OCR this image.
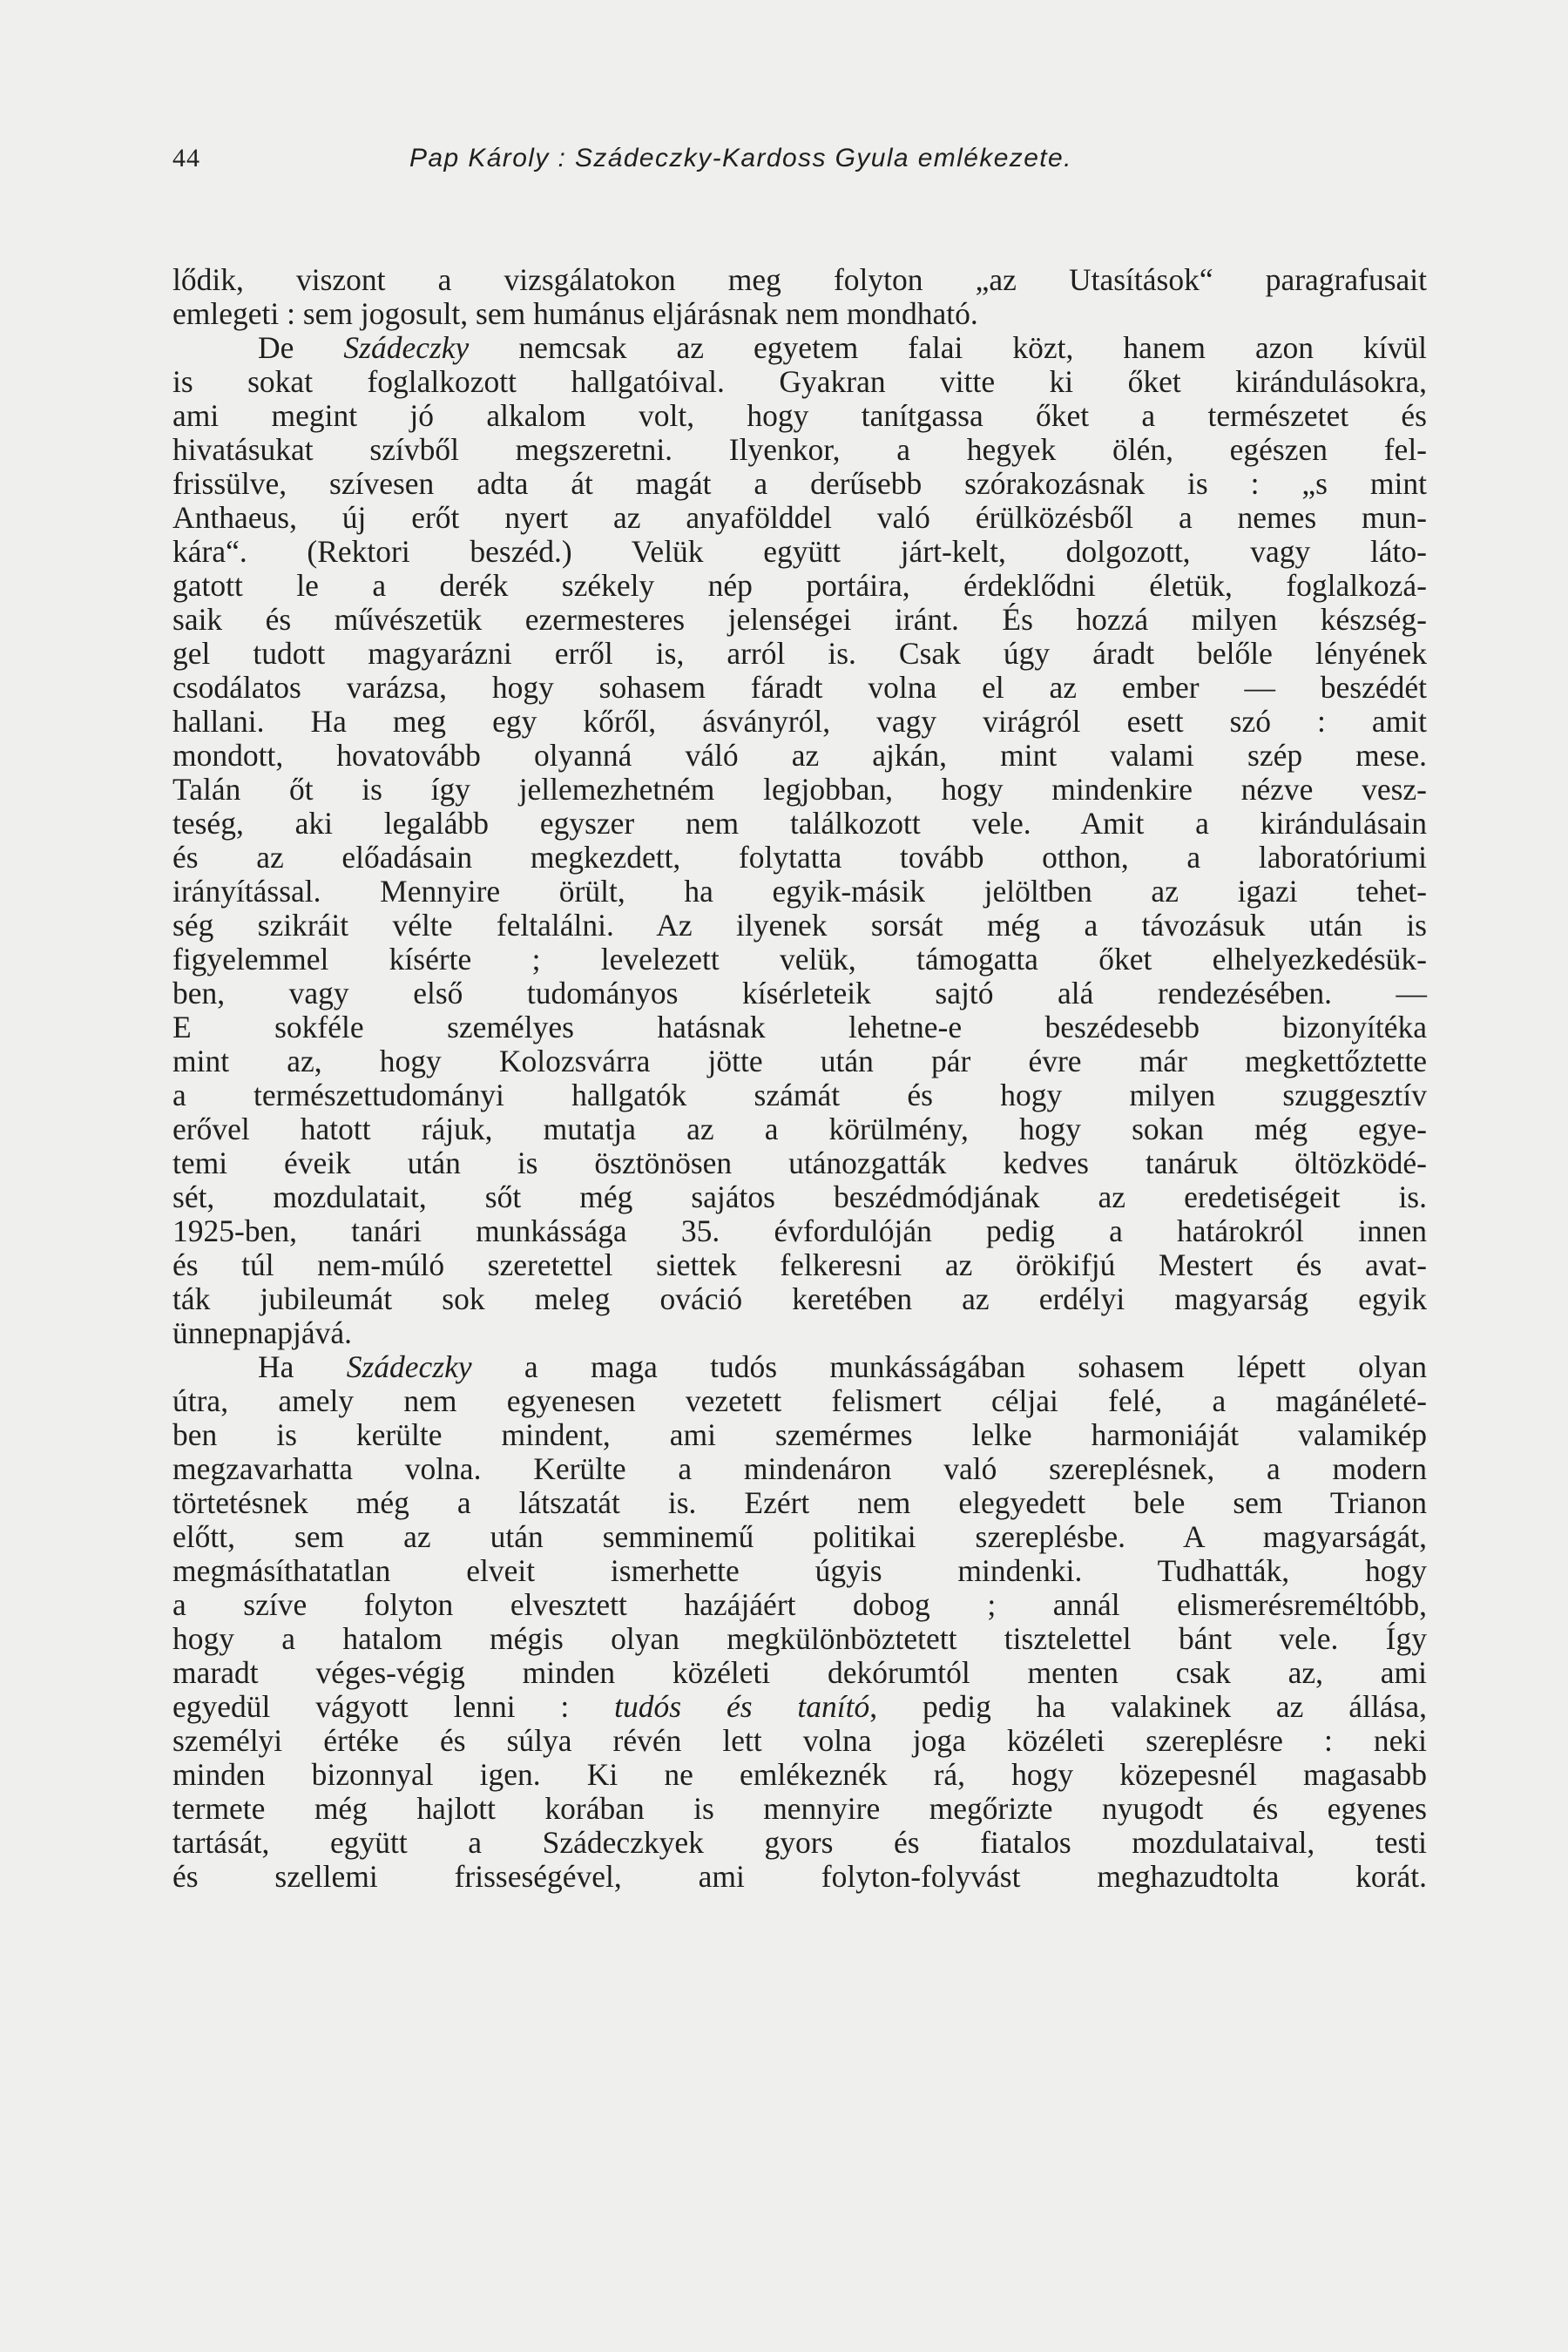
44	Pap Károly : Szádeczky-Kardoss Gyula emlékezete.
lődik, viszont a vizsgálatokon meg folyton „az Utasítások“ paragrafusait
emlegeti : sem jogosult, sem humánus eljárásnak nem mondható.
De Szádeczky nemcsak az egyetem falai közt, hanem azon kívül
is sokat foglalkozott hallgatóival. Gyakran vitte ki őket kirándulásokra,
ami megint jó alkalom volt, hogy tanítgassa őket a természetet és
hivatásukat szívből megszeretni. Ilyenkor, a hegyek ölén, egészen fel-
frissülve, szívesen adta át magát a derűsebb szórakozásnak is : „s mint
Anthaeus, új erőt nyert az anyafölddel való érülközésből a nemes mun-
kára“. (Rektori beszéd.) Velük együtt járt-kelt, dolgozott, vagy láto-
gatott le a derék székely nép portáira, érdeklődni életük, foglalkozá-
saik és művészetük ezermesteres jelenségei iránt. És hozzá milyen készség-
gel tudott magyarázni erről is, arról is. Csak úgy áradt belőle lényének
csodálatos varázsa, hogy sohasem fáradt volna el az ember — beszédét
hallani. Ha meg egy kőről, ásványról, vagy virágról esett szó : amit
mondott, hovatovább olyanná váló az ajkán, mint valami szép mese.
Talán őt is így jellemezhetném legjobban, hogy mindenkire nézve vesz-
teség, aki legalább egyszer nem találkozott vele. Amit a kirándulásain
és az előadásain megkezdett, folytatta tovább otthon, a laboratóriumi
irányítással. Mennyire örült, ha egyik-másik jelöltben az igazi tehet-
ség szikráit vélte feltalálni. Az ilyenek sorsát még a távozásuk után is
figyelemmel kísérte ; levelezett velük, támogatta őket elhelyezkedésük-
ben, vagy első tudományos kísérleteik sajtó alá rendezésében. —
E sokféle személyes hatásnak lehetne-e beszédesebb bizonyítéka
mint az, hogy Kolozsvárra jötte után pár évre már megkettőztette
a természettudományi hallgatók számát és hogy milyen szuggesztív
erővel hatott rájuk, mutatja az a körülmény, hogy sokan még egye-
temi éveik után is ösztönösen utánozgatták kedves tanáruk öltözködé-
sét, mozdulatait, sőt még sajátos beszédmódjának az eredetiségeit is.
1925-ben, tanári munkássága 35. évfordulóján pedig a határokról innen
és túl nem-múló szeretettel siettek felkeresni az örökifjú Mestert és avat-
ták jubileumát sok meleg ováció keretében az erdélyi magyarság egyik
ünnepnapjává.
Ha Szádeczky a maga tudós munkásságában sohasem lépett olyan
útra, amely nem egyenesen vezetett felismert céljai felé, a magánéleté-
ben is kerülte mindent, ami szemérmes lelke harmoniáját valamikép
megzavarhatta volna. Kerülte a mindenáron való szereplésnek, a modern
törtetésnek még a látszatát is. Ezért nem elegyedett bele sem Trianon
előtt, sem az után semminemű politikai szereplésbe. A magyarságát,
megmásíthatatlan elveit ismerhette úgyis mindenki. Tudhatták, hogy
a szíve folyton elvesztett hazájáért dobog ; annál elismerésreméltóbb,
hogy a hatalom mégis olyan megkülönböztetett tisztelettel bánt vele. Így
maradt véges-végig minden közéleti dekórumtól menten csak az, ami
egyedül vágyott lenni : tudós és tanító, pedig ha valakinek az állása,
személyi értéke és súlya révén lett volna joga közéleti szereplésre : neki
minden bizonnyal igen. Ki ne emlékeznék rá, hogy közepesnél magasabb
termete még hajlott korában is mennyire megőrizte nyugodt és egyenes
tartását, együtt a Szádeczkyek gyors és fiatalos mozdulataival, testi
és szellemi frisseségével, ami folyton-folyvást meghazudtolta korát.
